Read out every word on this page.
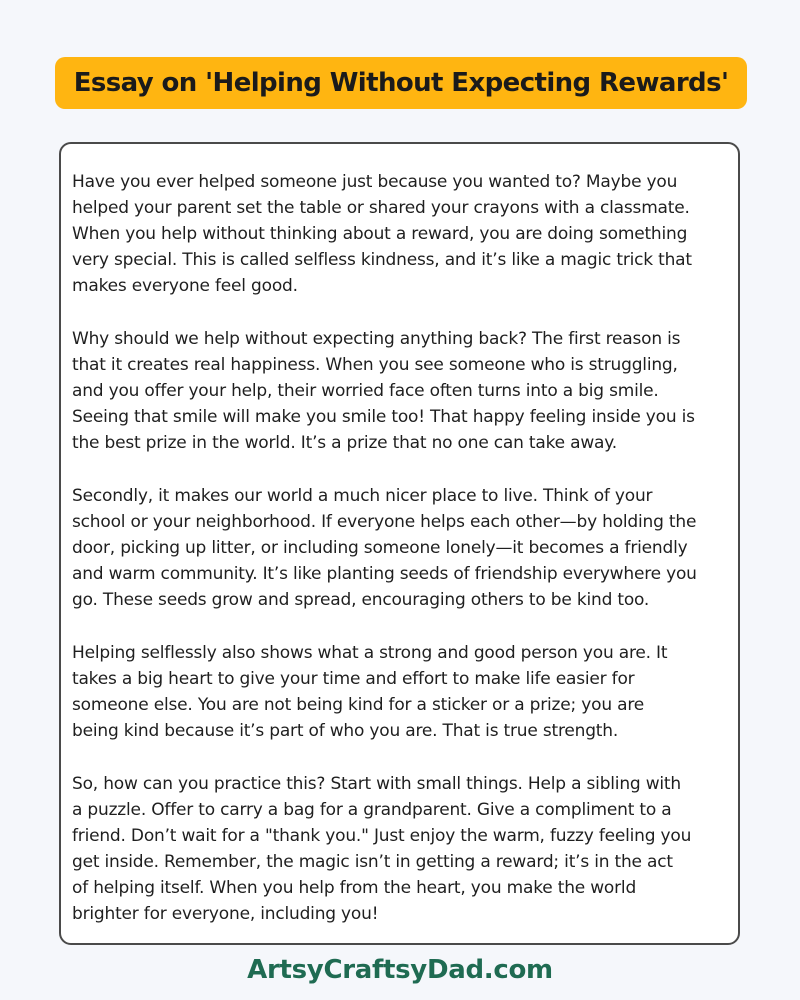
Essay on 'Helping Without Expecting Rewards'

Have you ever helped someone just because you wanted to? Maybe you
helped your parent set the table or shared your crayons with a classmate.
When you help without thinking about a reward, you are doing something
very special. This is called selfless kindness, and it’s like a magic trick that
makes everyone feel good.

Why should we help without expecting anything back? The first reason is
that it creates real happiness. When you see someone who is struggling,
and you offer your help, their worried face often turns into a big smile.
Seeing that smile will make you smile too! That happy feeling inside you is
the best prize in the world. It’s a prize that no one can take away.

Secondly, it makes our world a much nicer place to live. Think of your
school or your neighborhood. If everyone helps each other—by holding the
door, picking up litter, or including someone lonely—it becomes a friendly
and warm community. It’s like planting seeds of friendship everywhere you
go. These seeds grow and spread, encouraging others to be kind too.

Helping selflessly also shows what a strong and good person you are. It
takes a big heart to give your time and effort to make life easier for
someone else. You are not being kind for a sticker or a prize; you are
being kind because it’s part of who you are. That is true strength.

So, how can you practice this? Start with small things. Help a sibling with
a puzzle. Offer to carry a bag for a grandparent. Give a compliment to a
friend. Don’t wait for a "thank you." Just enjoy the warm, fuzzy feeling you
get inside. Remember, the magic isn’t in getting a reward; it’s in the act
of helping itself. When you help from the heart, you make the world
brighter for everyone, including you!

ArtsyCraftsyDad.com
